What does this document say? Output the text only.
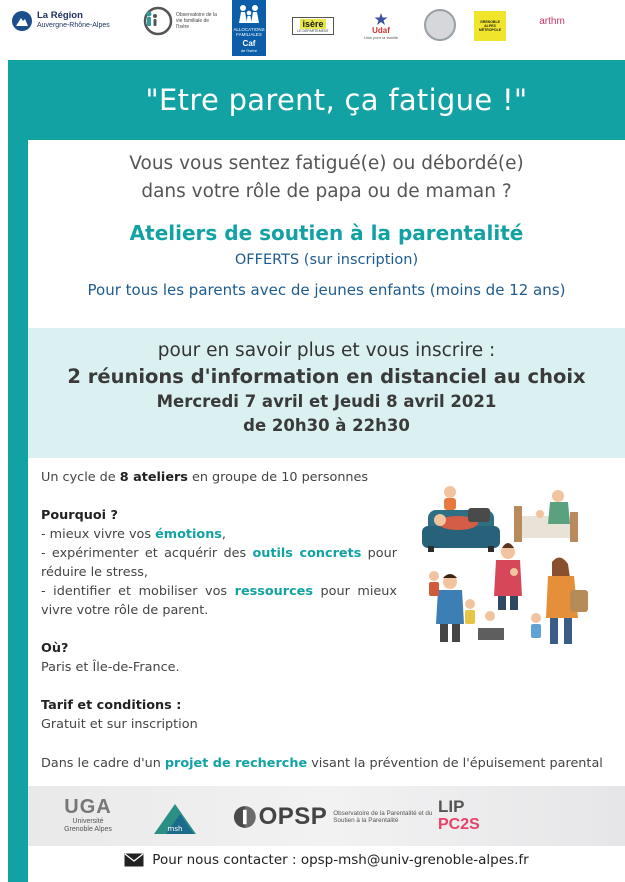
La Région
Auvergne-Rhône-Alpes
Observatoire de la vie familiale de l'Isère	ALLOCATIONS FAMILIALES
Caf
de l'Isère
isère
LE DÉPARTEMENT	Udaf
Unis pour la famille
GRENOBLE ALPES MÉTROPOLE
arthm
"Etre parent, ça fatigue !"
Vous vous sentez fatigué(e) ou débordé(e)
dans votre rôle de papa ou de maman ?
Ateliers de soutien à la parentalité
OFFERTS (sur inscription)
Pour tous les parents avec de jeunes enfants (moins de 12 ans)
pour en savoir plus et vous inscrire :
2 réunions d'information en distanciel au choix
Mercredi 7 avril et Jeudi 8 avril 2021
de 20h30 à 22h30

Un cycle de 8 ateliers en groupe de 10 personnes

Pourquoi ?

- mieux vivre vos émotions,

- expérimenter et acquérir des outils concrets pour réduire le stress,

- identifier et mobiliser vos ressources pour mieux vivre votre rôle de parent.

Où?

Paris et Île-de-France.

Tarif et conditions :

Gratuit et sur inscription

Dans le cadre d'un projet de recherche visant la prévention de l'épuisement parental
UGA
Université Grenoble Alpes	msh	OPSP Observatoire de la Parentalité et du Soutien à la Parentalité
LIP
PC2S
Pour nous contacter : opsp-msh@univ-grenoble-alpes.fr
